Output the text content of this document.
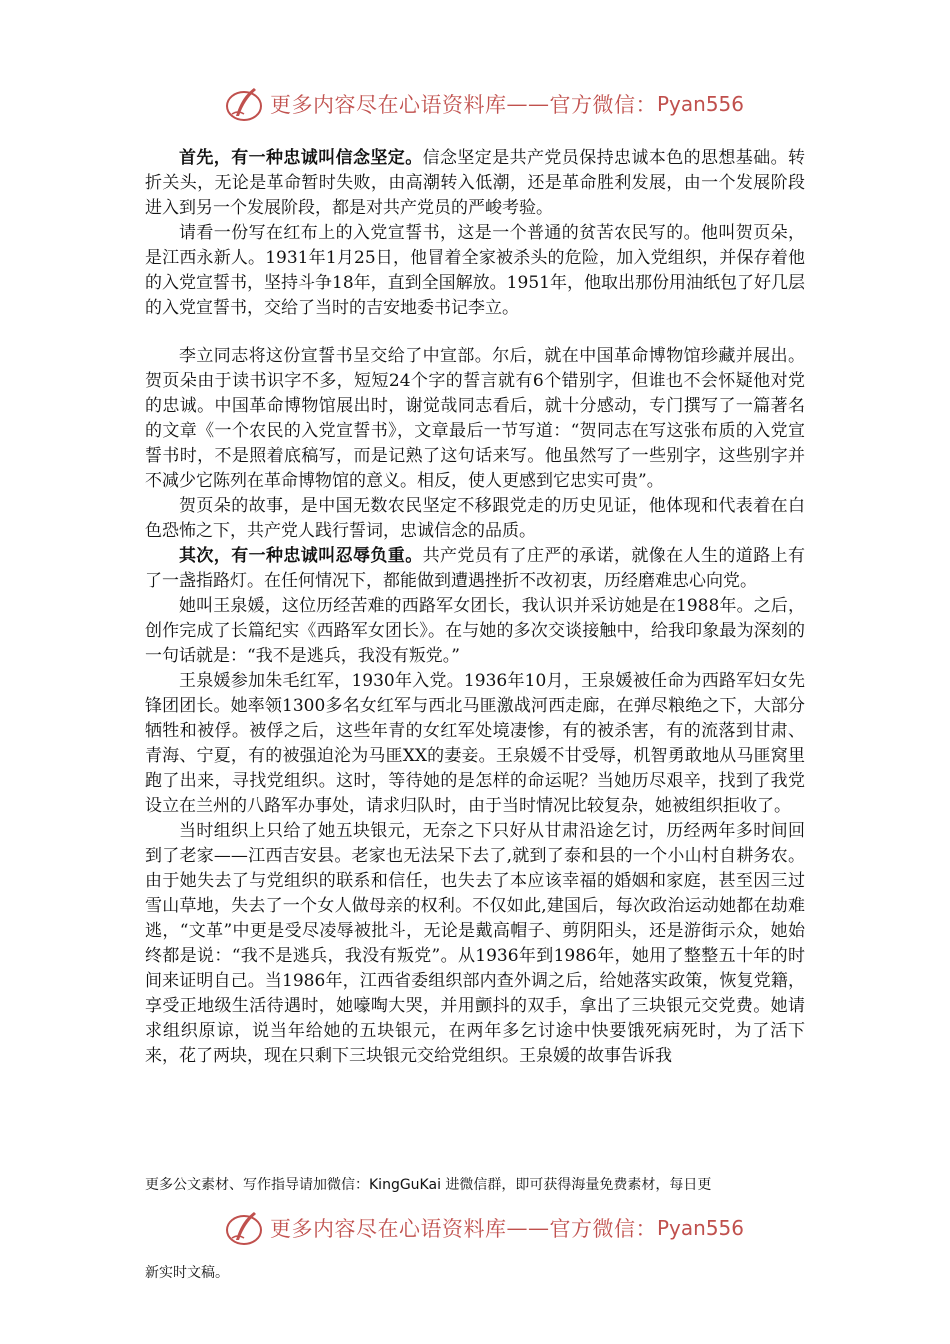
更多内容尽在心语资料库 —— 官方微信： Pyan556

首先，有一种忠诚叫信念坚定。信念坚定是共产党员保持忠诚本色的思想基础。转折关头，无论是革命暂时失败，由高潮转入低潮，还是革命胜利发展，由一个发展阶段进入到另一个发展阶段，都是对共产党员的严峻考验。

请看一份写在红布上的入党宣誓书，这是一个普通的贫苦农民写的。他叫贺页朵，是江西永新人。1931年1月25日，他冒着全家被杀头的危险，加入党组织，并保存着他的入党宣誓书，坚持斗争18年，直到全国解放。1951年，他取出那份用油纸包了好几层的入党宣誓书，交给了当时的吉安地委书记李立。

李立同志将这份宣誓书呈交给了中宣部。尔后，就在中国革命博物馆珍藏并展出。贺页朵由于读书识字不多，短短24个字的誓言就有6个错别字，但谁也不会怀疑他对党的忠诚。中国革命博物馆展出时，谢觉哉同志看后，就十分感动，专门撰写了一篇著名的文章《一个农民的入党宣誓书》，文章最后一节写道：“贺同志在写这张布质的入党宣誓书时，不是照着底稿写，而是记熟了这句话来写。他虽然写了一些别字，这些别字并不减少它陈列在革命博物馆的意义。相反，使人更感到它忠实可贵”。

贺页朵的故事，是中国无数农民坚定不移跟党走的历史见证，他体现和代表着在白色恐怖之下，共产党人践行誓词，忠诚信念的品质。

其次，有一种忠诚叫忍辱负重。共产党员有了庄严的承诺，就像在人生的道路上有了一盏指路灯。在任何情况下，都能做到遭遇挫折不改初衷，历经磨难忠心向党。

她叫王泉媛，这位历经苦难的西路军女团长，我认识并采访她是在1988年。之后，创作完成了长篇纪实《西路军女团长》。在与她的多次交谈接触中，给我印象最为深刻的一句话就是：“我不是逃兵，我没有叛党。”

王泉媛参加朱毛红军，1930年入党。1936年10月，王泉媛被任命为西路军妇女先锋团团长。她率领1300多名女红军与西北马匪激战河西走廊，在弹尽粮绝之下，大部分牺牲和被俘。被俘之后，这些年青的女红军处境凄惨，有的被杀害，有的流落到甘肃、青海、宁夏，有的被强迫沦为马匪XX的妻妾。王泉媛不甘受辱，机智勇敢地从马匪窝里跑了出来，寻找党组织。这时，等待她的是怎样的命运呢？当她历尽艰辛，找到了我党设立在兰州的八路军办事处，请求归队时，由于当时情况比较复杂，她被组织拒收了。

当时组织上只给了她五块银元，无奈之下只好从甘肃沿途乞讨，历经两年多时间回到了老家——江西吉安县。老家也无法呆下去了,就到了泰和县的一个小山村自耕务农。由于她失去了与党组织的联系和信任，也失去了本应该幸福的婚姻和家庭，甚至因三过雪山草地，失去了一个女人做母亲的权利。不仅如此,建国后，每次政治运动她都在劫难逃，“文革”中更是受尽凌辱被批斗，无论是戴高帽子、剪阴阳头，还是游街示众，她始终都是说：“我不是逃兵，我没有叛党”。从1936年到1986年，她用了整整五十年的时间来证明自己。当1986年，江西省委组织部内查外调之后，给她落实政策，恢复党籍，享受正地级生活待遇时，她嚎啕大哭，并用颤抖的双手，拿出了三块银元交党费。她请求组织原谅，说当年给她的五块银元，在两年多乞讨途中快要饿死病死时，为了活下来，花了两块，现在只剩下三块银元交给党组织。王泉媛的故事告诉我

更多公文素材、写作指导请加微信：KingGuKai 进微信群，即可获得海量免费素材，每日更
更多内容尽在心语资料库 —— 官方微信： Pyan556
新实时文稿。
